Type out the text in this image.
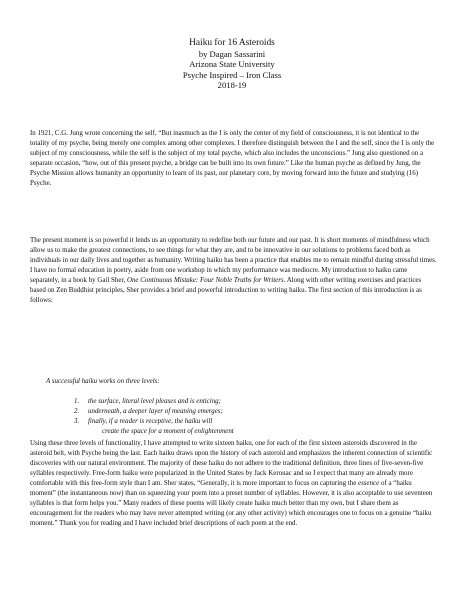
Haiku for 16 Asteroids
by Dagan Sassarini
Arizona State University
Psyche Inspired – Iron Class
2018-19

In 1921, C.G. Jung wrote concerning the self, “But inasmuch as the I is only the center of my field of consciousness, it is not identical to the totality of my psyche, being merely one complex among other complexes. I therefore distinguish between the I and the self, since the I is only the subject of my consciousness, while the self is the subject of my total psyche, which also includes the unconscious.” Jung also questioned on a separate occasion, “how, out of this present psyche, a bridge can be built into its own future.” Like the human psyche as defined by Jung, the Psyche Mission allows humanity an opportunity to learn of its past, our planetary core, by moving forward into the future and studying (16) Psyche.

The present moment is so powerful it lends us an opportunity to redefine both our future and our past. It is short moments of mindfulness which allow us to make the greatest connections, to see things for what they are, and to be innovative in our solutions to problems faced both as individuals in our daily lives and together as humanity. Writing haiku has been a practice that enables me to remain mindful during stressful times. I have no formal education in poetry, aside from one workshop in which my performance was mediocre. My introduction to haiku came separately, in a book by Gail Sher, One Continuous Mistake: Four Noble Truths for Writers. Along with other writing exercises and practices based on Zen Buddhist principles, Sher provides a brief and powerful introduction to writing haiku. The first section of this introduction is as follows:

A successful haiku works on three levels:
1. the surface, literal level pleases and is enticing;
2. underneath, a deeper layer of meaning emerges;
3. finally, if a reader is receptive, the haiku will
create the space for a moment of enlightenment

Using these three levels of functionality, I have attempted to write sixteen haiku, one for each of the first sixteen asteroids discovered in the asteroid belt, with Psyche being the last. Each haiku draws upon the history of each asteroid and emphasizes the inherent connection of scientific discoveries with our natural environment. The majority of these haiku do not adhere to the traditional definition, three lines of five-seven-five syllables respectively. Free-form haiku were popularized in the United States by Jack Kerouac and so I expect that many are already more comfortable with this free-form style than I am. Sher states, “Generally, it is more important to focus on capturing the essence of a “haiku moment” (the instantaneous now) than on squeezing your poem into a preset number of syllables. However, it is also acceptable to use seventeen syllables is that form helps you.” Many readers of these poems will likely create haiku much better than my own, but I share them as encouragement for the readers who may have never attempted writing (or any other activity) which encourages one to focus on a genuine “haiku moment.” Thank you for reading and I have included brief descriptions of each poem at the end.
